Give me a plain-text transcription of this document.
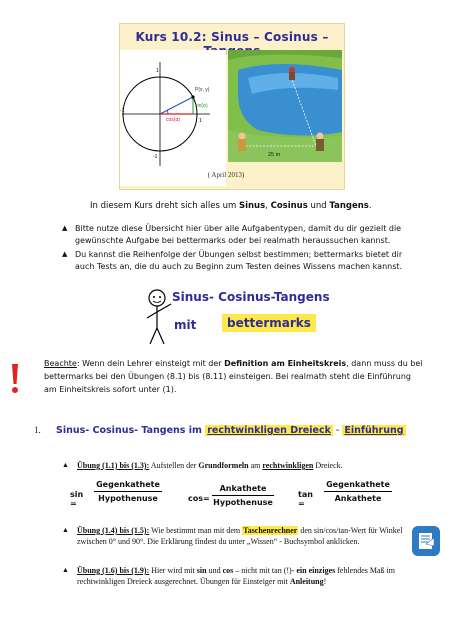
Kurs 10.2: Sinus – Cosinus –
1
-1
1
-1
P(x, y)
sin(α)
cos(α)
25 m
( April 2013)
In diesem Kurs dreht sich alles um Sinus, Cosinus und Tangens.
▲ Bitte nutze diese Übersicht hier über alle Aufgabentypen, damit du dir gezielt die gewünschte Aufgabe bei bettermarks oder bei realmath heraussuchen kannst.
▲ Du kannst die Reihenfolge der Übungen selbst bestimmen; bettermarks bietet dir auch Tests an, die du auch zu Beginn zum Testen deines Wissens machen kannst.
Sinus- Cosinus-Tangens
mit	bettermarks
Beachte: Wenn dein Lehrer einsteigt mit der Definition am Einheitskreis, dann muss du bei bettermarks bei den Übungen (8.1) bis (8.11) einsteigen. Bei realmath steht die Einführung am Einheitskreis sofort unter (1).
1. Sinus- Cosinus- Tangens im rechtwinkligen Dreieck - Einführung
▲ Übung (1.1) bis (1.3): Aufstellen der Grundformeln am rechtwinkligen Dreieck.
sin =
Gegenkathete
Hypothenuse	cos=
Ankathete
Hypothenuse
tan =
Gegenkathete
Ankathete
▲ Übung (1.4) bis (1.5): Wie bestimmt man mit dem Taschenrechner den sin/cos/tan-Wert für Winkel zwischen 0° und 90°. Die Erklärung findest du unter „Wissen“ - Buchsymbol anklicken.
▲ Übung (1.6) bis (1.9): Hier wird mit sin und cos – nicht mit tan (!)- ein einziges fehlendes Maß im rechtwinkligen Dreieck ausgerechnet. Übungen für Einsteiger mit Anleitung!
